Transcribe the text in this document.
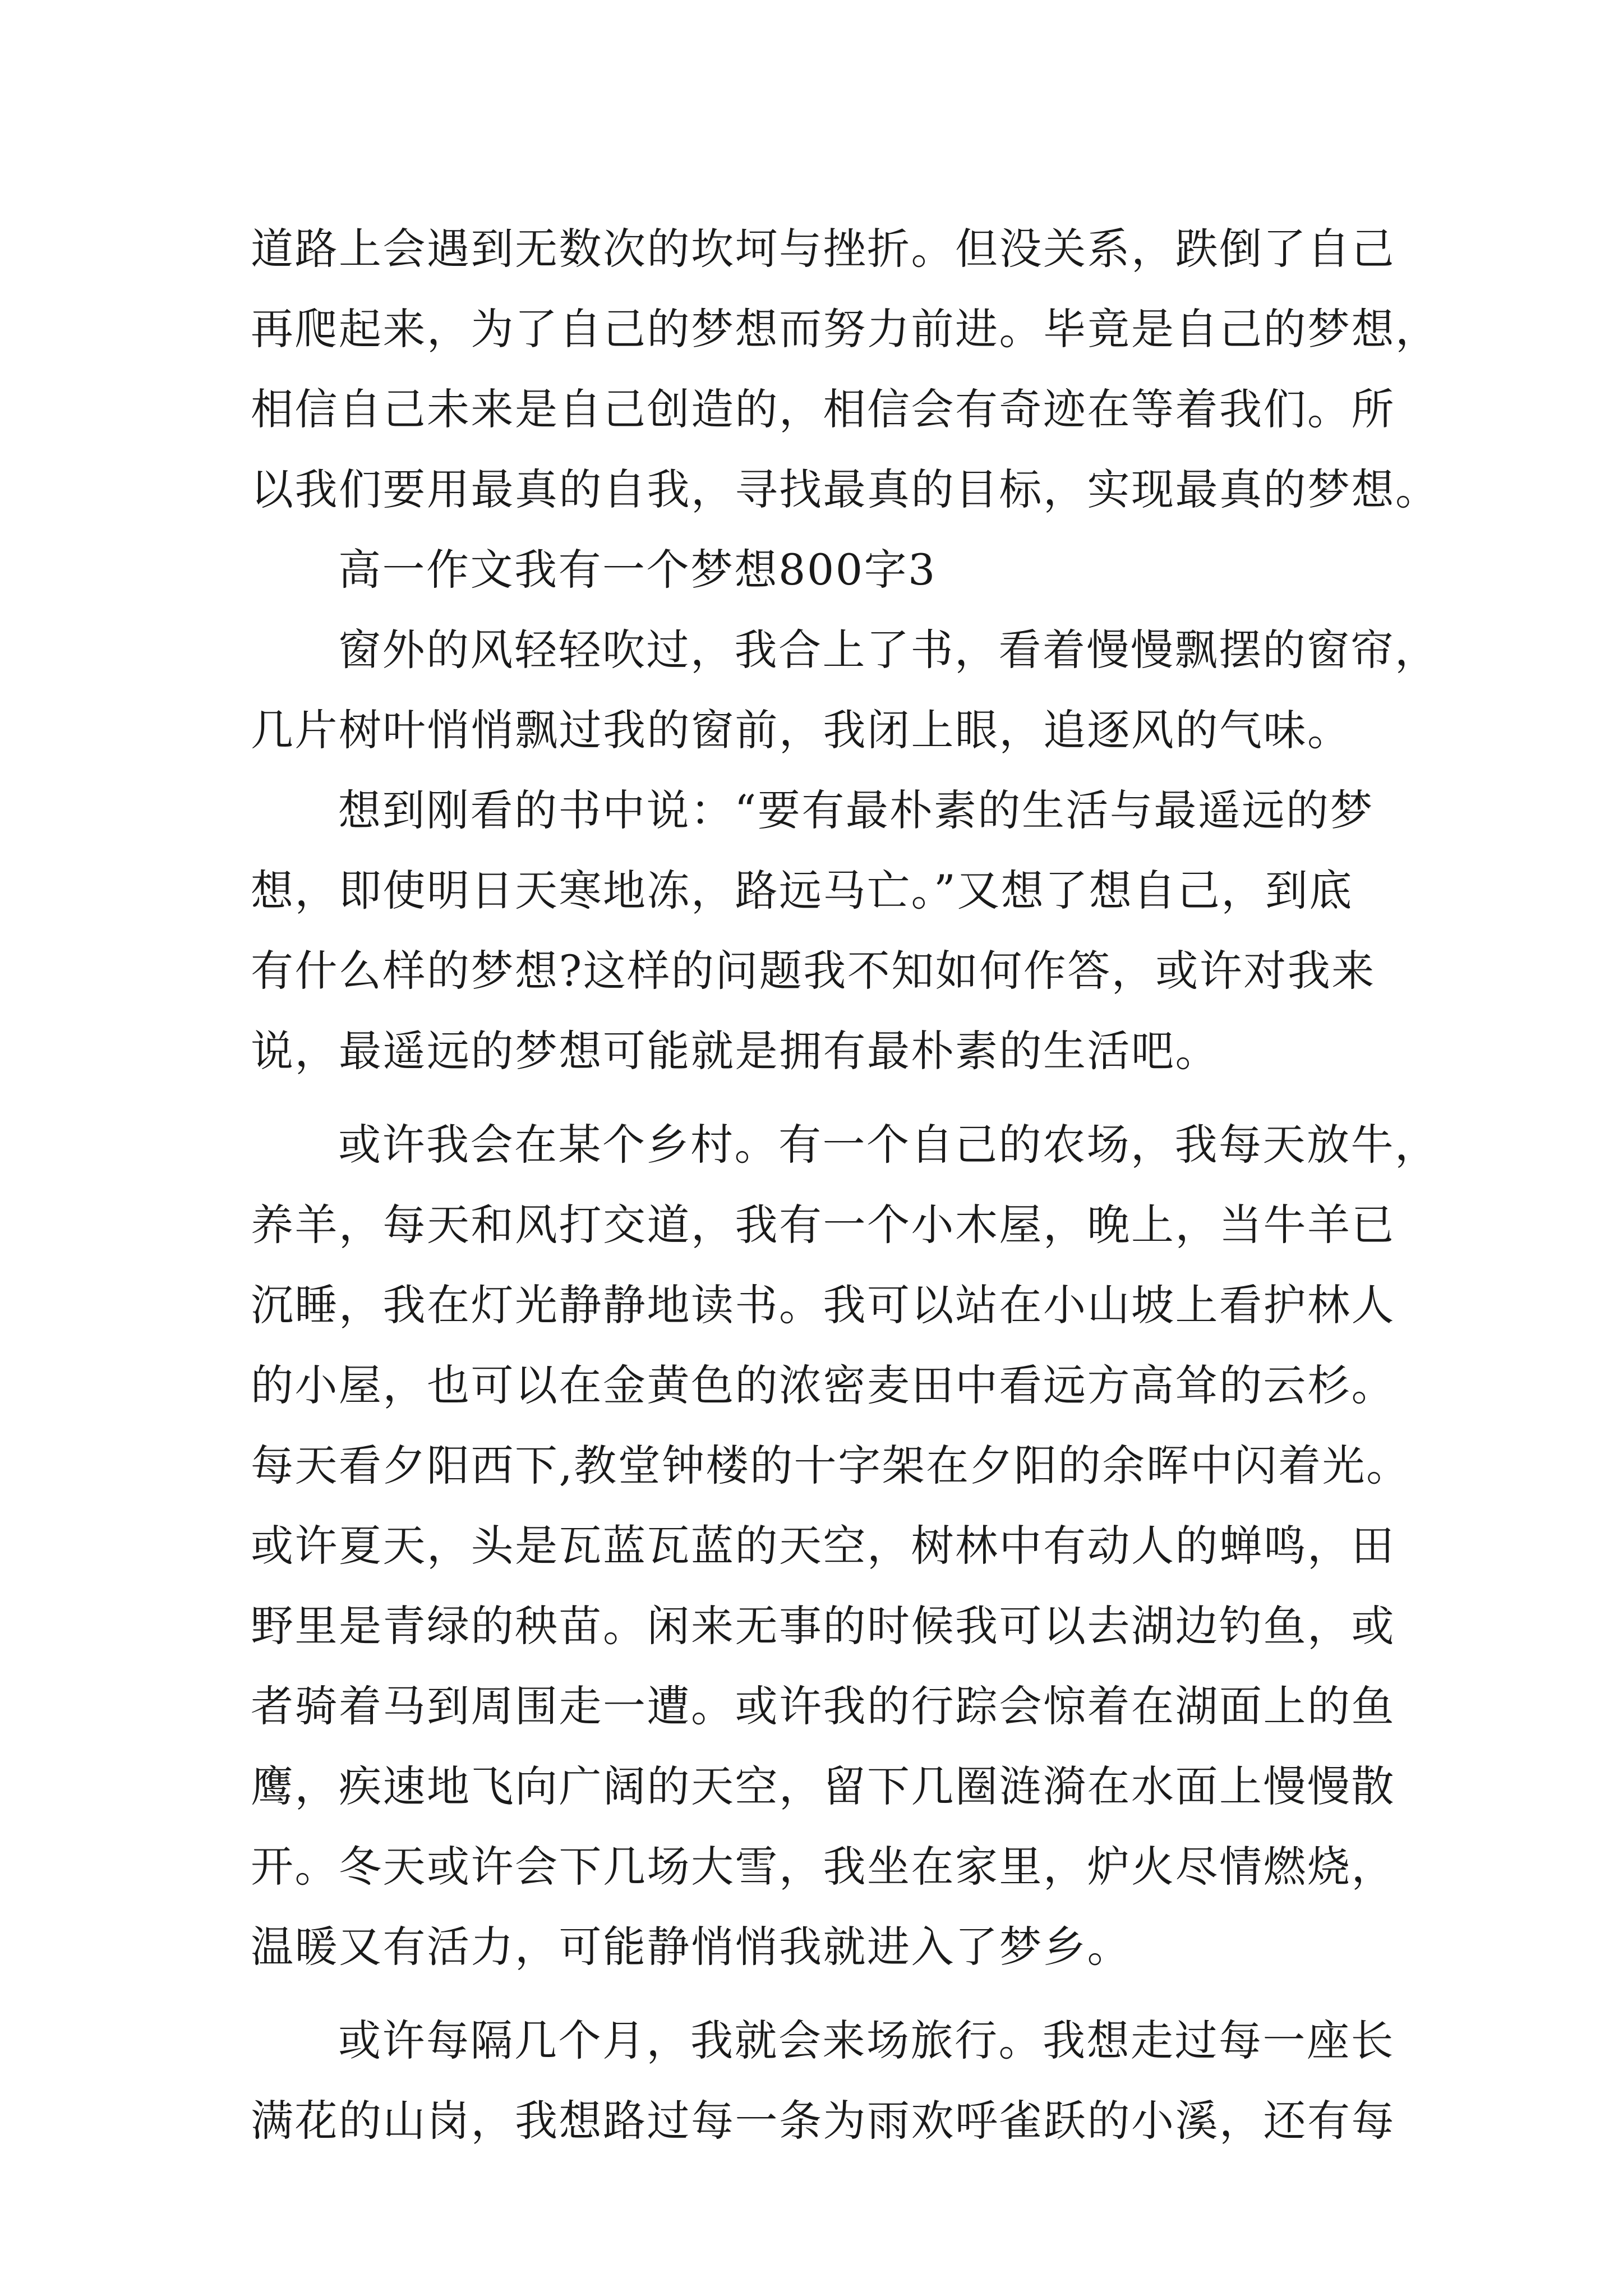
道路上会遇到无数次的坎坷与挫折。但没关系，跌倒了自己
再爬起来，为了自己的梦想而努力前进。毕竟是自己的梦想，
相信自己未来是自己创造的，相信会有奇迹在等着我们。所
以我们要用最真的自我，寻找最真的目标，实现最真的梦想。
高一作文我有一个梦想800字3
窗外的风轻轻吹过，我合上了书，看着慢慢飘摆的窗帘，
几片树叶悄悄飘过我的窗前，我闭上眼，追逐风的气味。
想到刚看的书中说：“要有最朴素的生活与最遥远的梦
想，即使明日天寒地冻，路远马亡。”又想了想自己，到底
有什么样的梦想?这样的问题我不知如何作答，或许对我来
说，最遥远的梦想可能就是拥有最朴素的生活吧。
或许我会在某个乡村。有一个自己的农场，我每天放牛，
养羊，每天和风打交道，我有一个小木屋，晚上，当牛羊已
沉睡，我在灯光静静地读书。我可以站在小山坡上看护林人
的小屋，也可以在金黄色的浓密麦田中看远方高耸的云杉。
每天看夕阳西下,教堂钟楼的十字架在夕阳的余晖中闪着光。
或许夏天，头是瓦蓝瓦蓝的天空，树林中有动人的蝉鸣，田
野里是青绿的秧苗。闲来无事的时候我可以去湖边钓鱼，或
者骑着马到周围走一遭。或许我的行踪会惊着在湖面上的鱼
鹰，疾速地飞向广阔的天空，留下几圈涟漪在水面上慢慢散
开。冬天或许会下几场大雪，我坐在家里，炉火尽情燃烧，
温暖又有活力，可能静悄悄我就进入了梦乡。
或许每隔几个月，我就会来场旅行。我想走过每一座长
满花的山岗，我想路过每一条为雨欢呼雀跃的小溪，还有每
